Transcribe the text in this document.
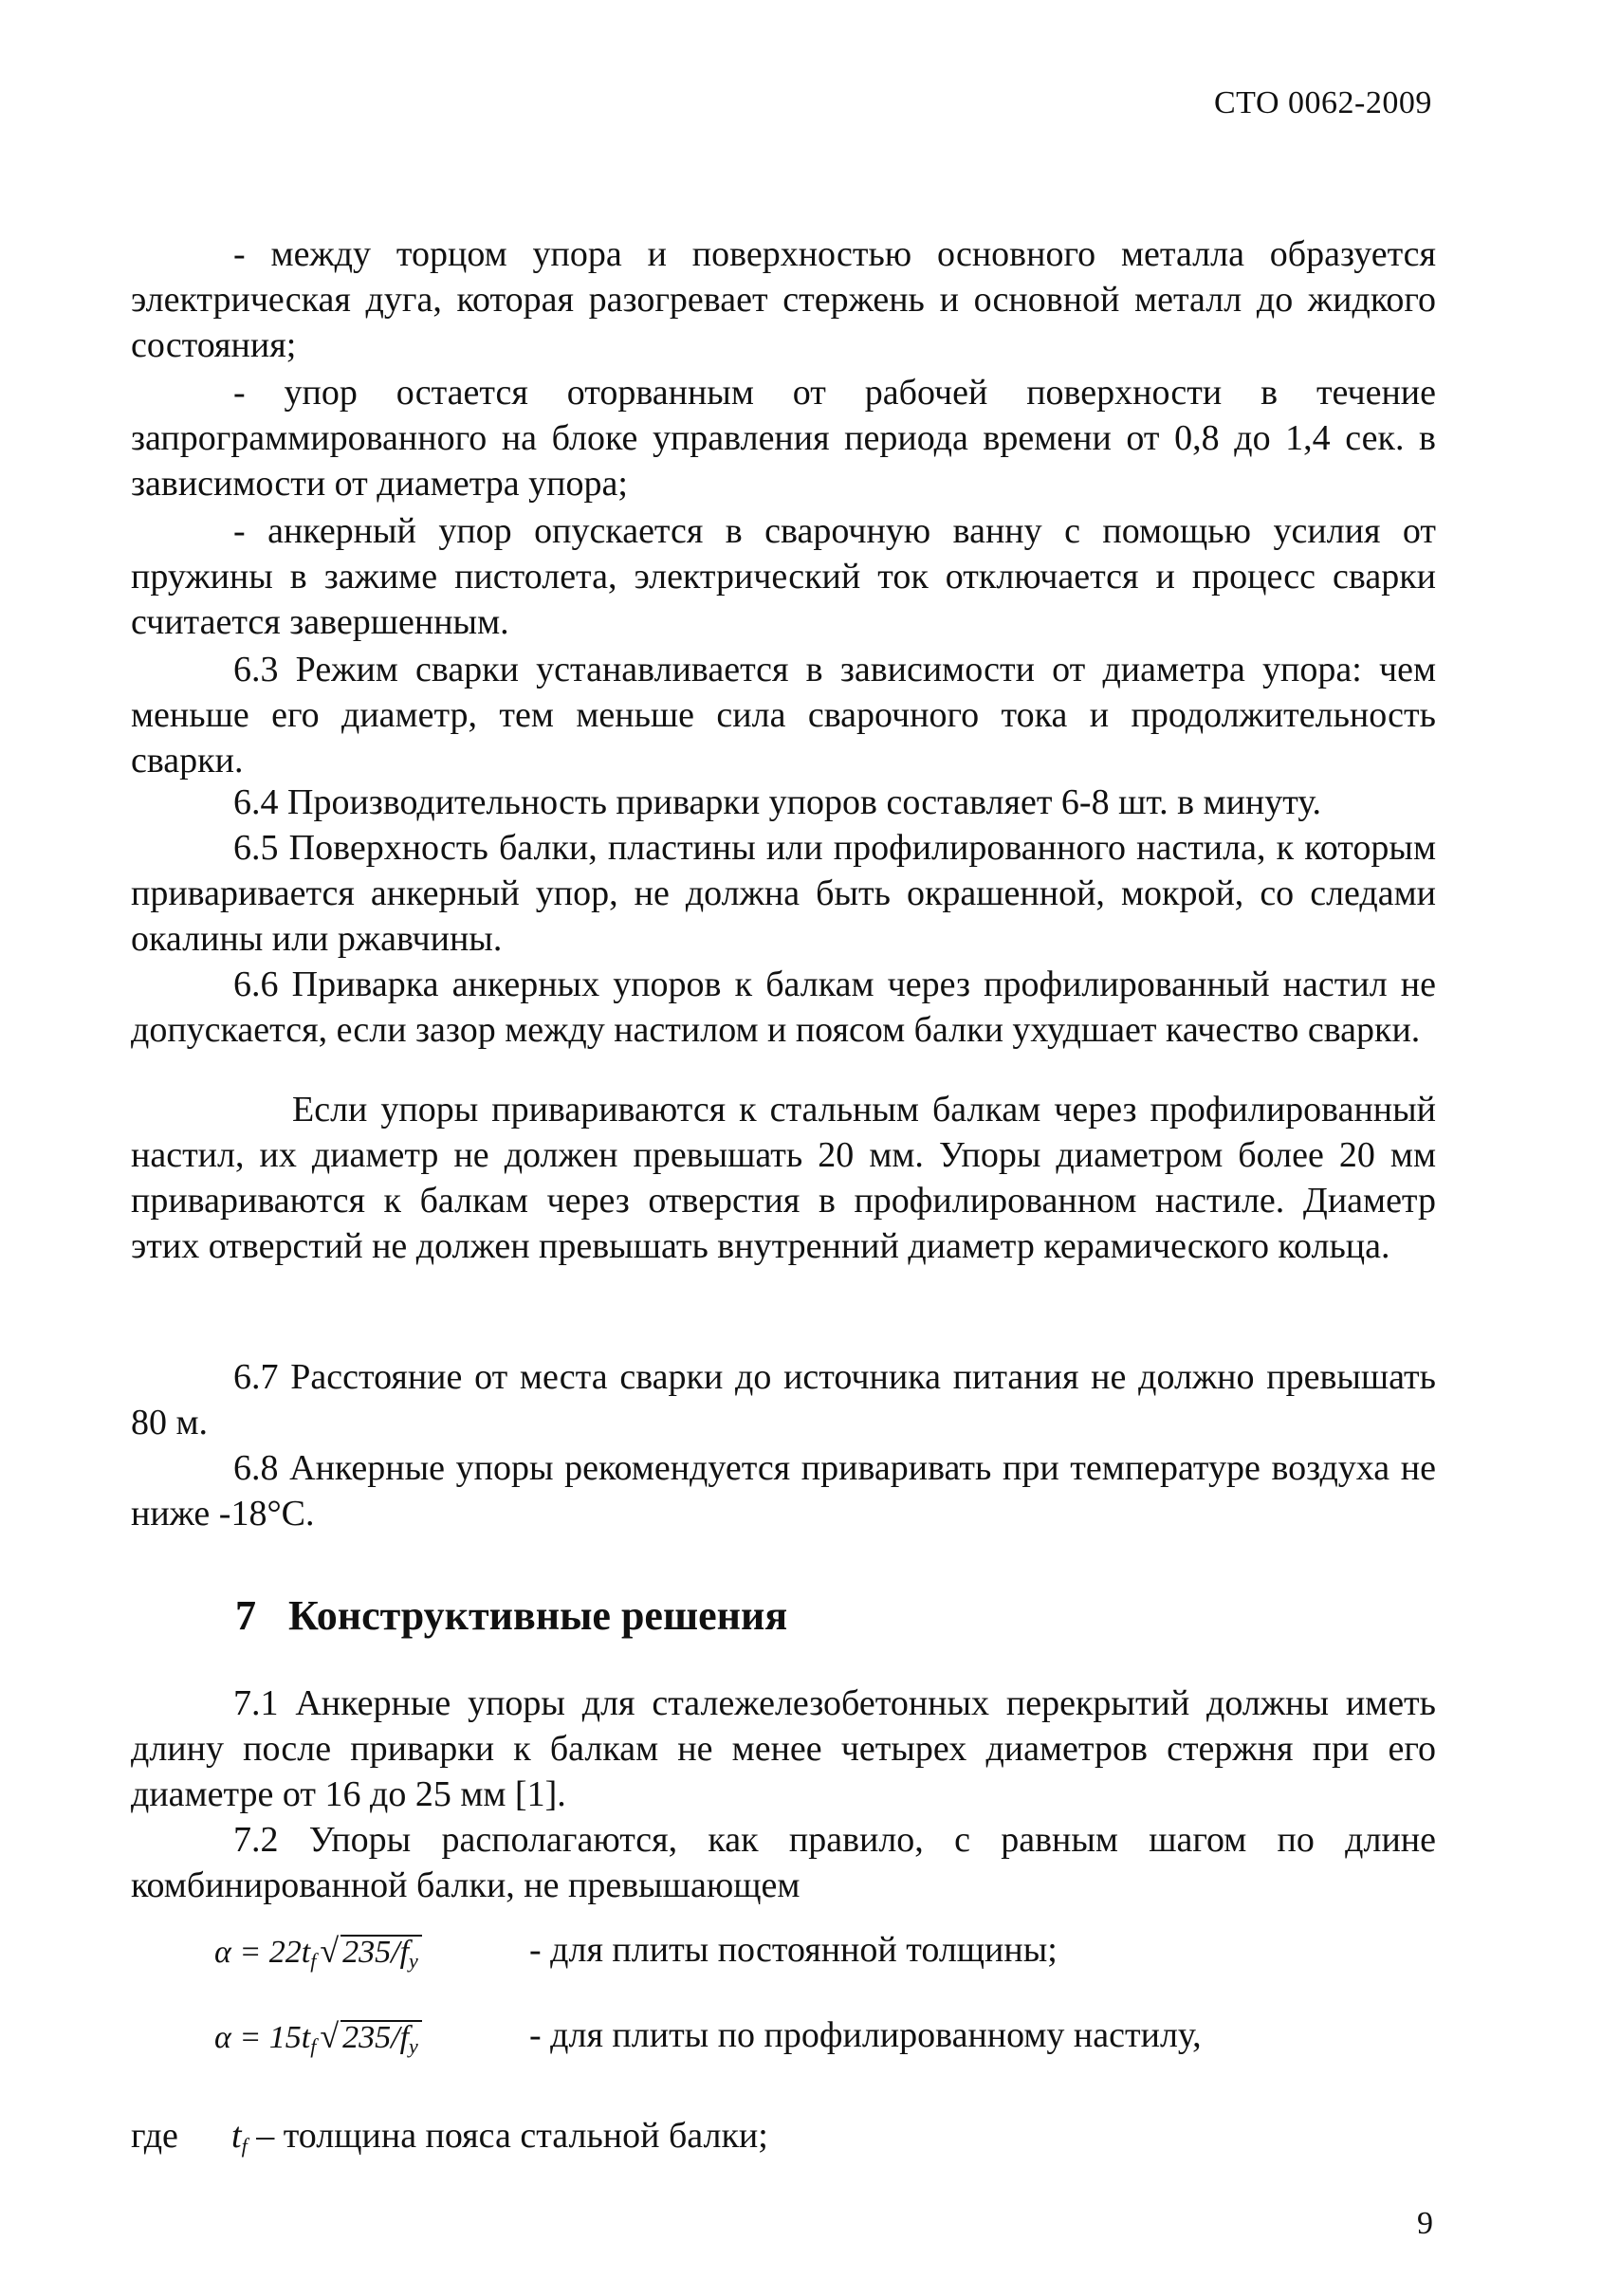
СТО 0062-2009
- между торцом упора и поверхностью основного металла образуется электрическая дуга, которая разогревает стержень и основной металл до жидкого состояния;
- упор остается оторванным от рабочей поверхности в течение запрограммированного на блоке управления периода времени от 0,8 до 1,4 сек. в зависимости от диаметра упора;
- анкерный упор опускается в сварочную ванну с помощью усилия от пружины в зажиме пистолета, электрический ток отключается и процесс сварки считается завершенным.
6.3 Режим сварки устанавливается в зависимости от диаметра упора: чем меньше его диаметр, тем меньше сила сварочного тока и продолжительность сварки.
6.4 Производительность приварки упоров составляет 6-8 шт. в минуту.
6.5 Поверхность балки, пластины или профилированного настила, к которым приваривается анкерный упор, не должна быть окрашенной, мокрой, со следами окалины или ржавчины.
6.6 Приварка анкерных упоров к балкам через профилированный настил не допускается, если зазор между настилом и поясом балки ухудшает качество сварки.
Если упоры привариваются к стальным балкам через профилированный настил, их диаметр не должен превышать 20 мм. Упоры диаметром более 20 мм привариваются к балкам через отверстия в профилированном настиле. Диаметр этих отверстий не должен превышать внутренний диаметр керамического кольца.
6.7 Расстояние от места сварки до источника питания не должно превышать 80 м.
6.8 Анкерные упоры рекомендуется приваривать при температуре воздуха не ниже -18°С.
7 Конструктивные решения
7.1 Анкерные упоры для сталежелезобетонных перекрытий должны иметь длину после приварки к балкам не менее четырех диаметров стержня при его диаметре от 16 до 25 мм [1].
7.2 Упоры располагаются, как правило, с равным шагом по длине комбинированной балки, не превышающем
$\alpha = 22t_f$ √ $235/f_y$	- для плиты постоянной толщины;
$\alpha = 15t_f$ √ $235/f_y$	- для плиты по профилированному настилу,
где $t_f$ – толщина пояса стальной балки;
9
